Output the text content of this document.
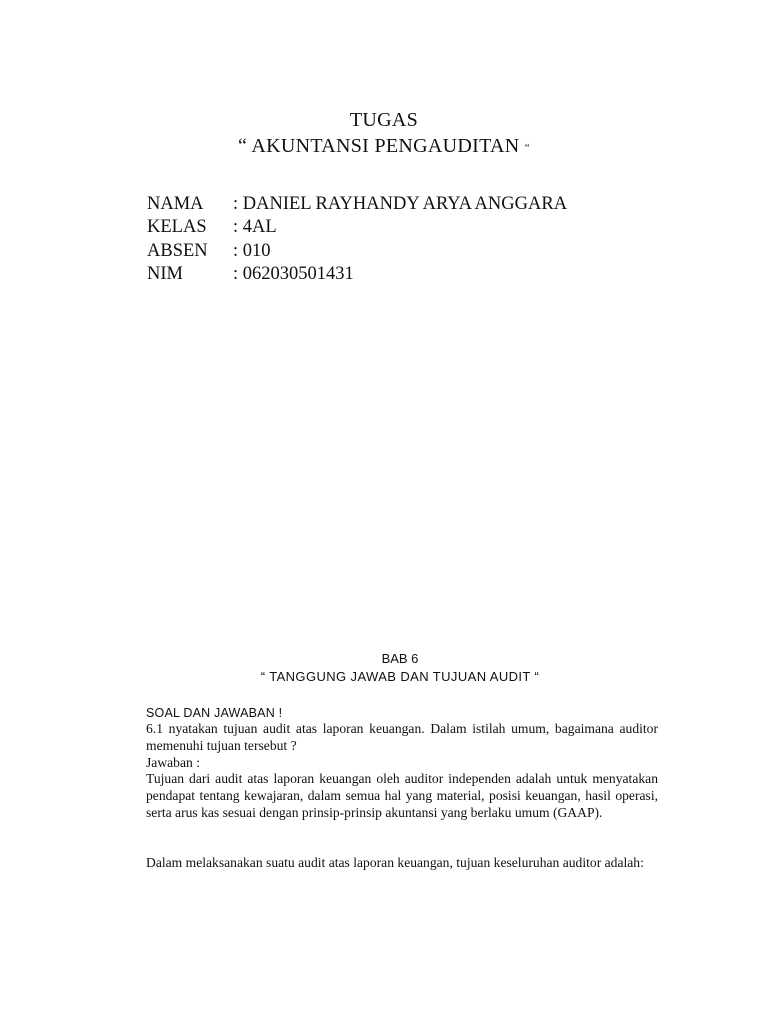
TUGAS
“ AKUNTANSI PENGAUDITAN “
NAMA : DANIEL RAYHANDY ARYA ANGGARA
KELAS : 4AL
ABSEN : 010
NIM	: 062030501431
BAB 6
“ TANGGUNG JAWAB DAN TUJUAN AUDIT “
SOAL DAN JAWABAN !
6.1 nyatakan tujuan audit atas laporan keuangan. Dalam istilah umum, bagaimana auditor memenuhi tujuan tersebut ?
Jawaban :
Tujuan dari audit atas laporan keuangan oleh auditor independen adalah untuk menyatakan pendapat tentang kewajaran, dalam semua hal yang material, posisi keuangan, hasil operasi, serta arus kas sesuai dengan prinsip-prinsip akuntansi yang berlaku umum (GAAP).
Dalam melaksanakan suatu audit atas laporan keuangan, tujuan keseluruhan auditor adalah:
